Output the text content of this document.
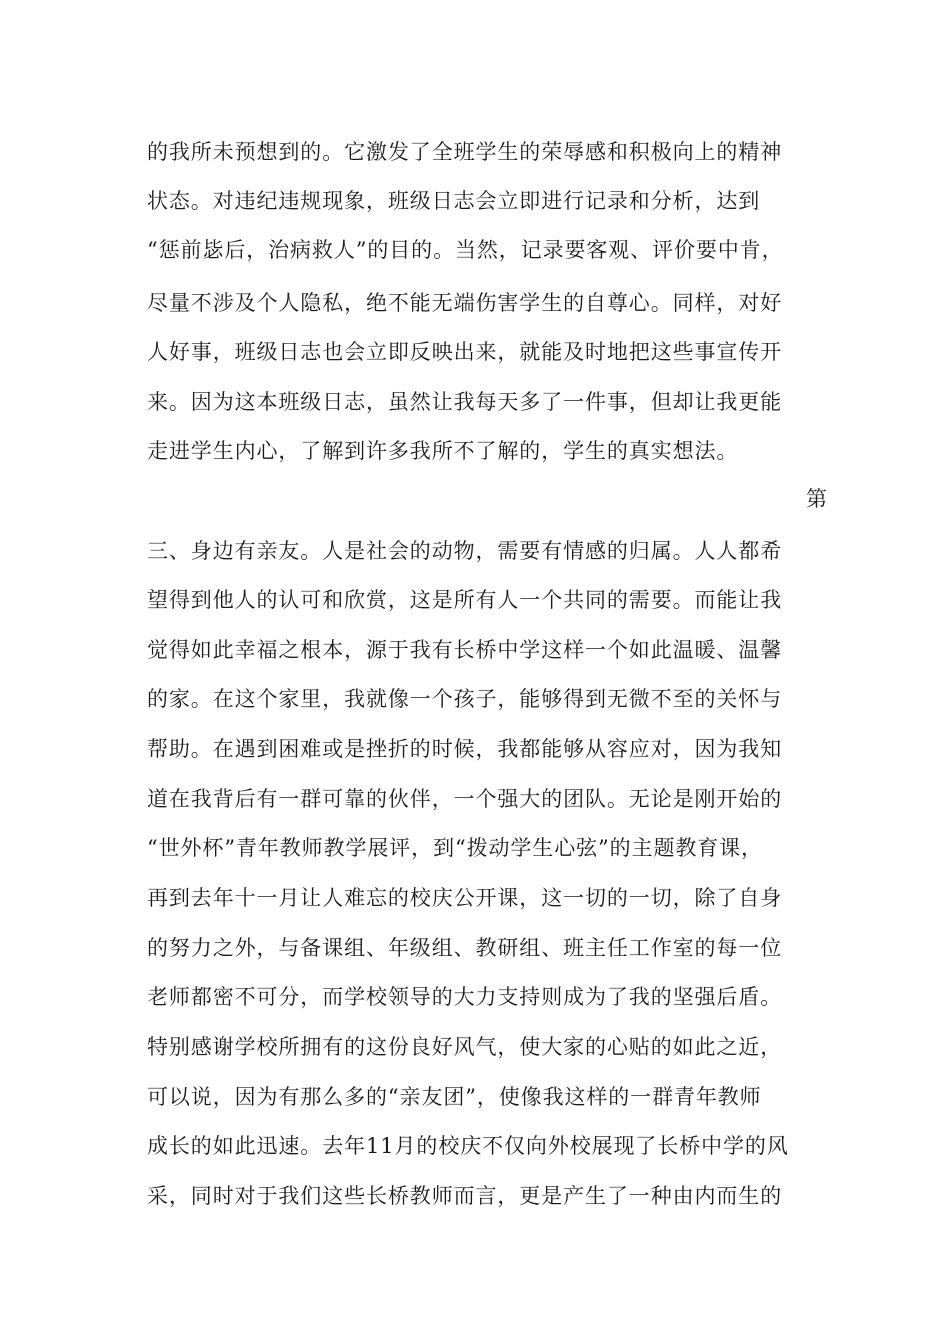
的我所未预想到的。它激发了全班学生的荣辱感和积极向上的精神
状态。对违纪违规现象，班级日志会立即进行记录和分析，达到
“惩前毖后，治病救人”的目的。当然，记录要客观、评价要中肯，
尽量不涉及个人隐私，绝不能无端伤害学生的自尊心。同样，对好
人好事，班级日志也会立即反映出来，就能及时地把这些事宣传开
来。因为这本班级日志，虽然让我每天多了一件事，但却让我更能
走进学生内心，了解到许多我所不了解的，学生的真实想法。
第
三、身边有亲友。人是社会的动物，需要有情感的归属。人人都希
望得到他人的认可和欣赏，这是所有人一个共同的需要。而能让我
觉得如此幸福之根本，源于我有长桥中学这样一个如此温暖、温馨
的家。在这个家里，我就像一个孩子，能够得到无微不至的关怀与
帮助。在遇到困难或是挫折的时候，我都能够从容应对，因为我知
道在我背后有一群可靠的伙伴，一个强大的团队。无论是刚开始的
“世外杯”青年教师教学展评，到“拨动学生心弦”的主题教育课，
再到去年十一月让人难忘的校庆公开课，这一切的一切，除了自身
的努力之外，与备课组、年级组、教研组、班主任工作室的每一位
老师都密不可分，而学校领导的大力支持则成为了我的坚强后盾。
特别感谢学校所拥有的这份良好风气，使大家的心贴的如此之近，
可以说，因为有那么多的“亲友团”，使像我这样的一群青年教师
成长的如此迅速。去年11月的校庆不仅向外校展现了长桥中学的风
采，同时对于我们这些长桥教师而言，更是产生了一种由内而生的
